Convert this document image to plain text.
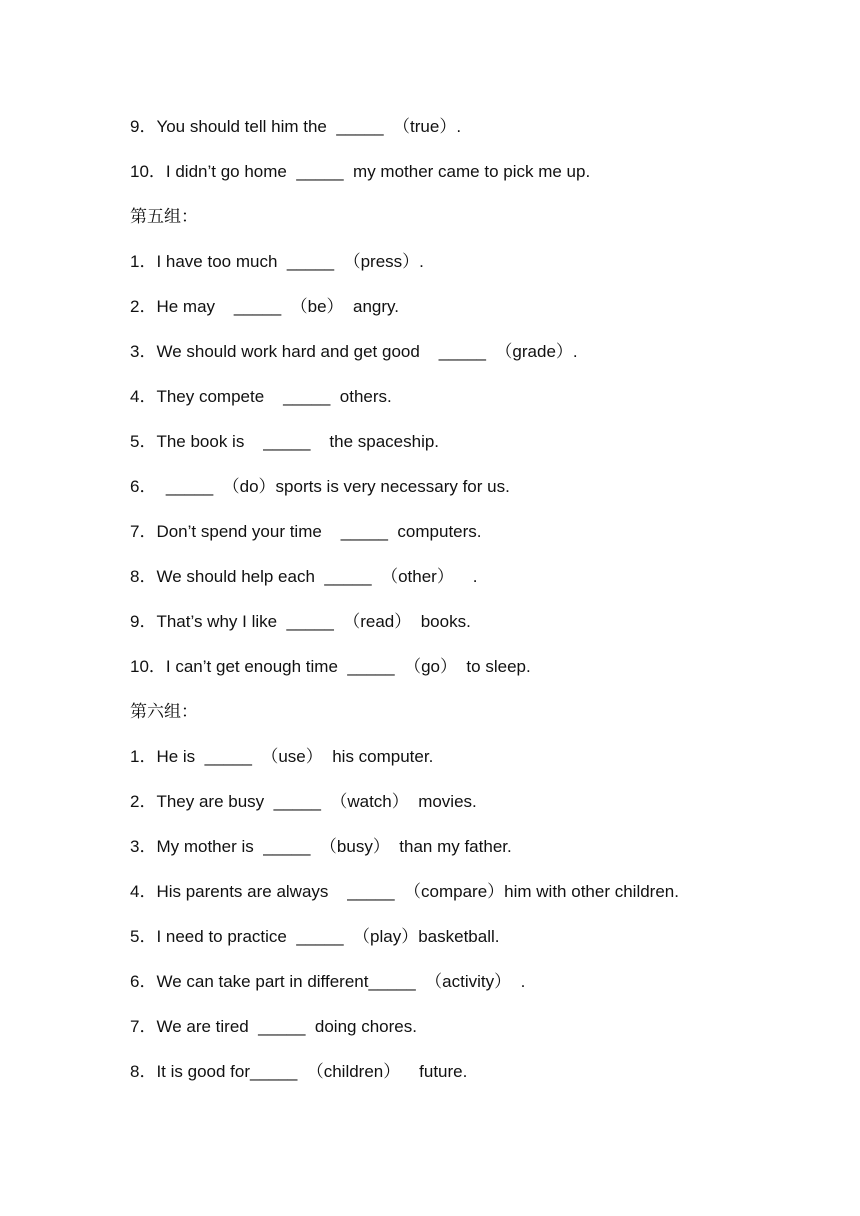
9．You should tell him the  _____  （true）.
10．I didn’t go home  _____  my mother came to pick me up.
第五组：
1．I have too much  _____  （press）.
2．He may    _____  （be）  angry.
3．We should work hard and get good    _____  （grade）.
4．They compete    _____  others.
5．The book is    _____    the spaceship.
6．  _____  （do）sports is very necessary for us.
7．Don’t spend your time    _____  computers.
8．We should help each  _____  （other）    .
9．That’s why I like  _____  （read）  books.
10．I can’t get enough time  _____  （go）  to sleep.
第六组：
1．He is  _____  （use）  his computer.
2．They are busy  _____  （watch）  movies.
3．My mother is  _____  （busy）  than my father.
4．His parents are always    _____  （compare）him with other children.
5．I need to practice  _____  （play）basketball.
6．We can take part in different_____  （activity）  .
7．We are tired  _____  doing chores.
8．It is good for_____  （children）    future.
